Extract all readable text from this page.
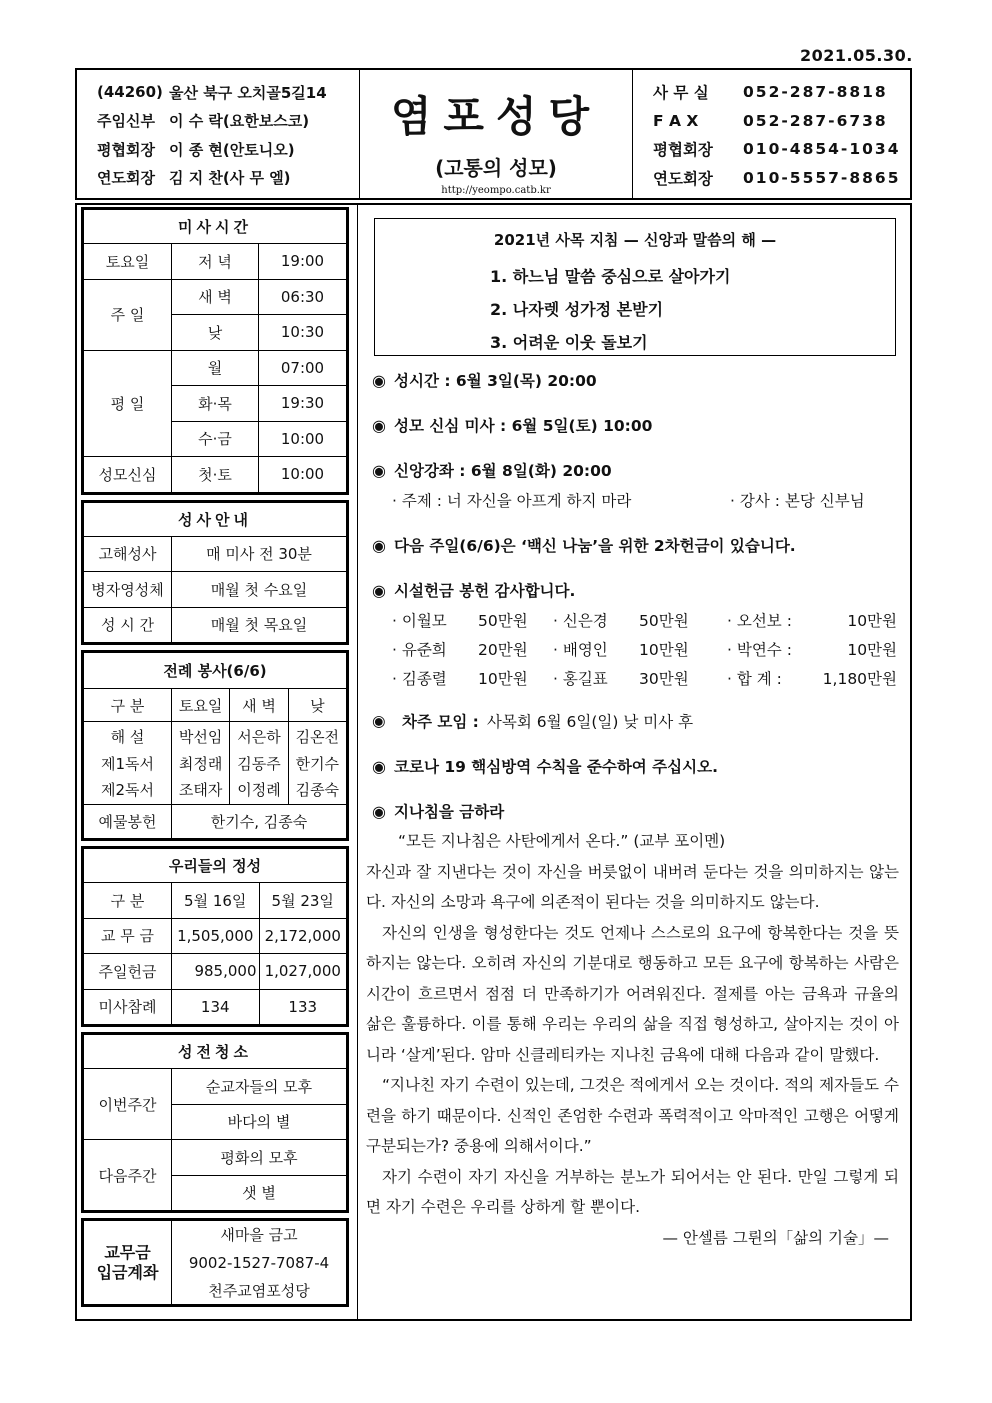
2021.05.30.
(44260) 울산 북구 오치골5길14
주임신부 이 수 락(요한보스코)
평협회장 이 종 현(안토니오)
연도회장 김 지 찬(사 무 엘)
염포성당
(고통의 성모)
http://yeompo.catb.kr
사 무 실	052-287-8818
F A X	052-287-6738
평협회장	010-4854-1034
연도회장	010-5557-8865
미사시간		
토요일	저 녁	19:00
주 일	새 벽	06:30
	낮	10:30
평 일	월	07:00
	화·목	19:30
	수·금	10:00
성모신심	첫·토	10:00
성사안내	
고해성사	매 미사 전 30분
병자영성체	매월 첫 수요일
성 시 간	매월 첫 목요일
전례 봉사(6/6)			
구 분	토요일	새 벽	낮
해 설	박선임	서은하	김온전
제1독서	최정래	김동주	한기수
제2독서	조태자	이정례	김종숙
예물봉헌	한기수, 김종숙		
우리들의 정성		
구 분	5월 16일	5월 23일
교 무 금	1,505,000	2,172,000
주일헌금	985,000	1,027,000
미사참례	134	133
성전청소	
이번주간	순교자들의 모후
	바다의 별
다음주간	평화의 모후
	샛 별
교무금
입금계좌	새마을 금고
9002-1527-7087-4
천주교염포성당
2021년 사목 지침 — 신앙과 말씀의 해 —
1. 하느님 말씀 중심으로 살아가기
2. 나자렛 성가정 본받기
3. 어려운 이웃 돌보기
◉ 성시간 : 6월 3일(목) 20:00
◉ 성모 신심 미사 : 6월 5일(토) 10:00
◉ 신앙강좌 : 6월 8일(화) 20:00
· 주제 : 너 자신을 아프게 하지 마라	· 강사 : 본당 신부님
◉ 다음 주일(6/6)은 ‘백신 나눔’을 위한 2차헌금이 있습니다.
◉ 시설헌금 봉헌 감사합니다.
· 이월모	50만원	· 신은경	50만원	· 오선보 :	10만원
· 유준희	20만원	· 배영인	10만원	· 박연수 :	10만원
· 김종렬	10만원	· 홍길표	30만원	· 합 계 :	1,180만원
◉	차주 모임 : 사목회 6월 6일(일) 낮 미사 후
◉ 코로나 19 핵심방역 수칙을 준수하여 주십시오.
◉ 지나침을 금하라
“모든 지나침은 사탄에게서 온다.” (교부 포이멘)
자신과 잘 지낸다는 것이 자신을 버릇없이 내버려 둔다는 것을 의미하지는 않는다. 자신의 소망과 욕구에 의존적이 된다는 것을 의미하지도 않는다.
자신의 인생을 형성한다는 것도 언제나 스스로의 요구에 항복한다는 것을 뜻하지는 않는다. 오히려 자신의 기분대로 행동하고 모든 요구에 항복하는 사람은 시간이 흐르면서 점점 더 만족하기가 어려워진다. 절제를 아는 금욕과 규율의 삶은 훌륭하다. 이를 통해 우리는 우리의 삶을 직접 형성하고, 살아지는 것이 아니라 ‘살게’된다. 암마 신클레티카는 지나친 금욕에 대해 다음과 같이 말했다.
“지나친 자기 수련이 있는데, 그것은 적에게서 오는 것이다. 적의 제자들도 수련을 하기 때문이다. 신적인 존엄한 수련과 폭력적이고 악마적인 고행은 어떻게 구분되는가? 중용에 의해서이다.”
자기 수련이 자기 자신을 거부하는 분노가 되어서는 안 된다. 만일 그렇게 되면 자기 수련은 우리를 상하게 할 뿐이다.
— 안셀름 그륀의「삶의 기술」—
